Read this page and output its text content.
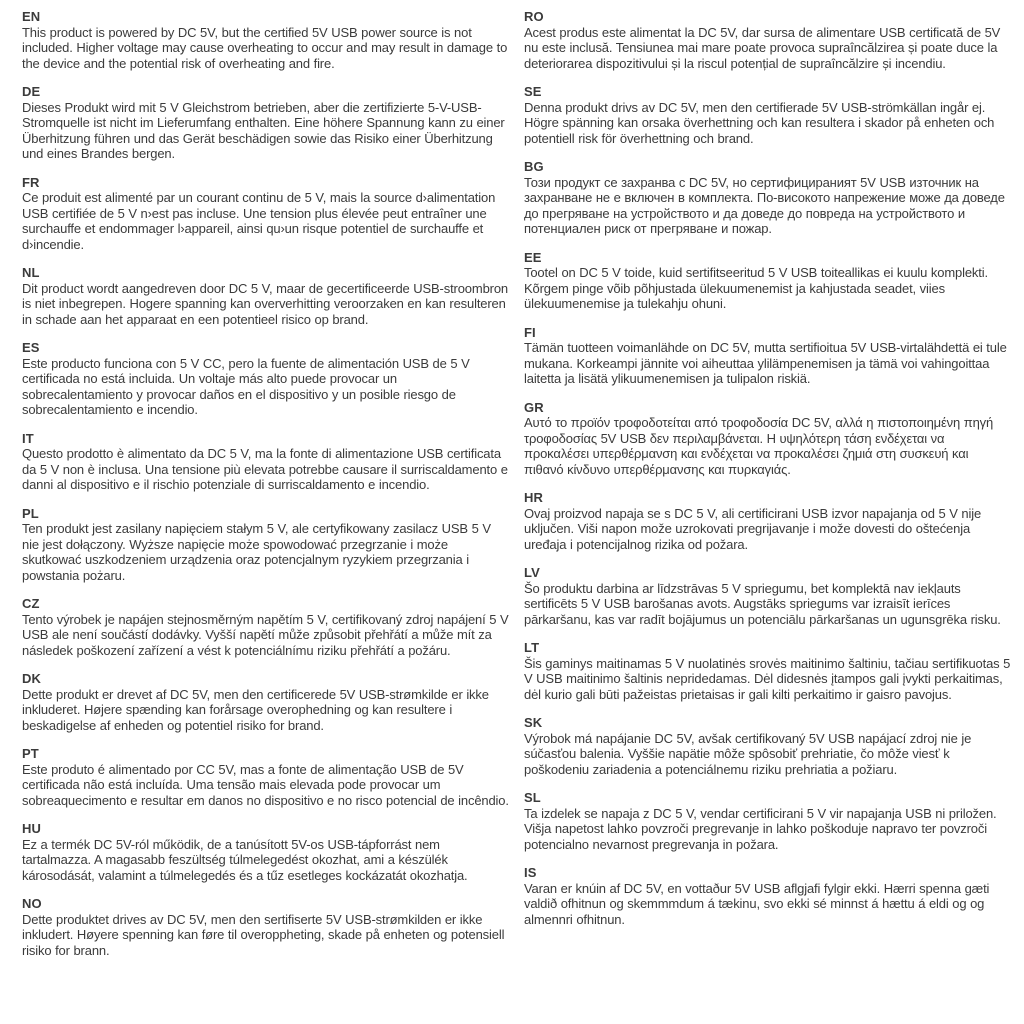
EN

This product is powered by DC 5V, but the certified 5V USB power source is not included. Higher voltage may cause overheating to occur and may result in damage to the device and the potential risk of overheating and fire.

DE

Dieses Produkt wird mit 5 V Gleichstrom betrieben, aber die zertifizierte 5-V-USB-Stromquelle ist nicht im Lieferumfang enthalten. Eine höhere Spannung kann zu einer Überhitzung führen und das Gerät beschädigen sowie das Risiko einer Überhitzung und eines Brandes bergen.

FR

Ce produit est alimenté par un courant continu de 5 V, mais la source d›alimentation USB certifiée de 5 V n›est pas incluse. Une tension plus élevée peut entraîner une surchauffe et endommager l›appareil, ainsi qu›un risque potentiel de surchauffe et d›incendie.

NL

Dit product wordt aangedreven door DC 5 V, maar de gecertificeerde USB-stroombron is niet inbegrepen. Hogere spanning kan oververhitting veroorzaken en kan resulteren in schade aan het apparaat en een potentieel risico op brand.

ES

Este producto funciona con 5 V CC, pero la fuente de alimentación USB de 5 V certificada no está incluida. Un voltaje más alto puede provocar un sobrecalentamiento y provocar daños en el dispositivo y un posible riesgo de sobrecalentamiento e incendio.

IT

Questo prodotto è alimentato da DC 5 V, ma la fonte di alimentazione USB certificata da 5 V non è inclusa. Una tensione più elevata potrebbe causare il surriscaldamento e danni al dispositivo e il rischio potenziale di surriscaldamento e incendio.

PL

Ten produkt jest zasilany napięciem stałym 5 V, ale certyfikowany zasilacz USB 5 V nie jest dołączony. Wyższe napięcie może spowodować przegrzanie i może skutkować uszkodzeniem urządzenia oraz potencjalnym ryzykiem przegrzania i powstania pożaru.

CZ

Tento výrobek je napájen stejnosměrným napětím 5 V, certifikovaný zdroj napájení 5 V USB ale není součástí dodávky. Vyšší napětí může způsobit přehřátí a může mít za následek poškození zařízení a vést k potenciálnímu riziku přehřátí a požáru.

DK

Dette produkt er drevet af DC 5V, men den certificerede 5V USB-strømkilde er ikke inkluderet. Højere spænding kan forårsage overophedning og kan resultere i beskadigelse af enheden og potentiel risiko for brand.

PT

Este produto é alimentado por CC 5V, mas a fonte de alimentação USB de 5V certificada não está incluída. Uma tensão mais elevada pode provocar um sobreaquecimento e resultar em danos no dispositivo e no risco potencial de incêndio.

HU

Ez a termék DC 5V-ról működik, de a tanúsított 5V-os USB-tápforrást nem tartalmazza. A magasabb feszültség túlmelegedést okozhat, ami a készülék károsodását, valamint a túlmelegedés és a tűz esetleges kockázatát okozhatja.

NO

Dette produktet drives av DC 5V, men den sertifiserte 5V USB-strømkilden er ikke inkludert. Høyere spenning kan føre til overoppheting, skade på enheten og potensiell risiko for brann.

RO

Acest produs este alimentat la DC 5V, dar sursa de alimentare USB certificată de 5V nu este inclusă. Tensiunea mai mare poate provoca supraîncălzirea și poate duce la deteriorarea dispozitivului și la riscul potențial de supraîncălzire și incendiu.

SE

Denna produkt drivs av DC 5V, men den certifierade 5V USB-strömkällan ingår ej. Högre spänning kan orsaka överhettning och kan resultera i skador på enheten och potentiell risk för överhettning och brand.

BG

Този продукт се захранва с DC 5V, но сертифицираният 5V USB източник на захранване не е включен в комплекта. По-високото напрежение може да доведе до прегряване на устройството и да доведе до повреда на устройството и потенциален риск от прегряване и пожар.

EE

Tootel on DC 5 V toide, kuid sertifitseeritud 5 V USB toiteallikas ei kuulu komplekti. Kõrgem pinge võib põhjustada ülekuumenemist ja kahjustada seadet, viies ülekuumenemise ja tulekahju ohuni.

FI

Tämän tuotteen voimanlähde on DC 5V, mutta sertifioitua 5V USB-virtalähdettä ei tule mukana. Korkeampi jännite voi aiheuttaa ylilämpenemisen ja tämä voi vahingoittaa laitetta ja lisätä ylikuumenemisen ja tulipalon riskiä.

GR

Αυτό το προϊόν τροφοδοτείται από τροφοδοσία DC 5V, αλλά η πιστοποιημένη πηγή τροφοδοσίας 5V USB δεν περιλαμβάνεται. Η υψηλότερη τάση ενδέχεται να προκαλέσει υπερθέρμανση και ενδέχεται να προκαλέσει ζημιά στη συσκευή και πιθανό κίνδυνο υπερθέρμανσης και πυρκαγιάς.

HR

Ovaj proizvod napaja se s DC 5 V, ali certificirani USB izvor napajanja od 5 V nije uključen. Viši napon može uzrokovati pregrijavanje i može dovesti do oštećenja uređaja i potencijalnog rizika od požara.

LV

Šo produktu darbina ar līdzstrāvas 5 V spriegumu, bet komplektā nav iekļauts sertificēts 5 V USB barošanas avots. Augstāks spriegums var izraisīt ierīces pārkaršanu, kas var radīt bojājumus un potenciālu pārkaršanas un ugunsgrēka risku.

LT

Šis gaminys maitinamas 5 V nuolatinės srovės maitinimo šaltiniu, tačiau sertifikuotas 5 V USB maitinimo šaltinis nepridedamas. Dėl didesnės įtampos gali įvykti perkaitimas, dėl kurio gali būti pažeistas prietaisas ir gali kilti perkaitimo ir gaisro pavojus.

SK

Výrobok má napájanie DC 5V, avšak certifikovaný 5V USB napájací zdroj nie je súčasťou balenia. Vyššie napätie môže spôsobiť prehriatie, čo môže viesť k poškodeniu zariadenia a potenciálnemu riziku prehriatia a požiaru.

SL

Ta izdelek se napaja z DC 5 V, vendar certificirani 5 V vir napajanja USB ni priložen. Višja napetost lahko povzroči pregrevanje in lahko poškoduje napravo ter povzroči potencialno nevarnost pregrevanja in požara.

IS

Varan er knúin af DC 5V, en vottaður 5V USB aflgjafi fylgir ekki. Hærri spenna gæti valdið ofhitnun og skemmmdum á tækinu, svo ekki sé minnst á hættu á eldi og og almennri ofhitnun.
